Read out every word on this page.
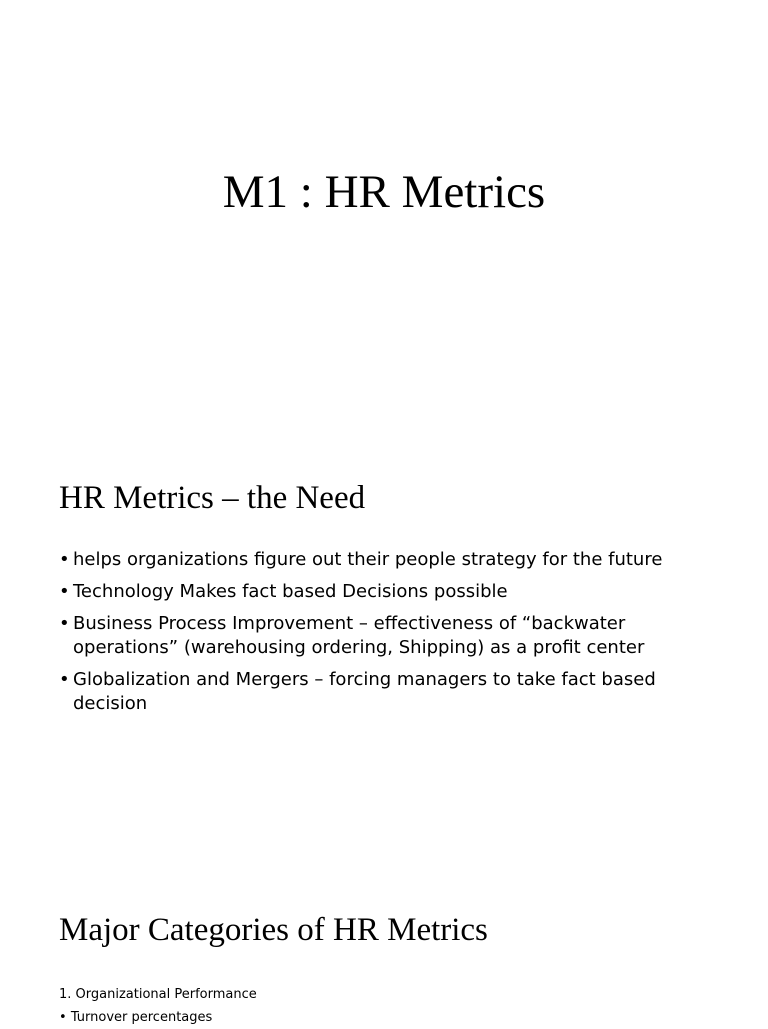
M1 : HR Metrics
HR Metrics – the Need
• helps organizations figure out their people strategy for the future
• Technology Makes fact based Decisions possible
• Business Process Improvement – effectiveness of “backwater operations” (warehousing ordering, Shipping) as a profit center
• Globalization and Mergers – forcing managers to take fact based decision
Major Categories of HR Metrics
1. Organizational Performance
• Turnover percentages
